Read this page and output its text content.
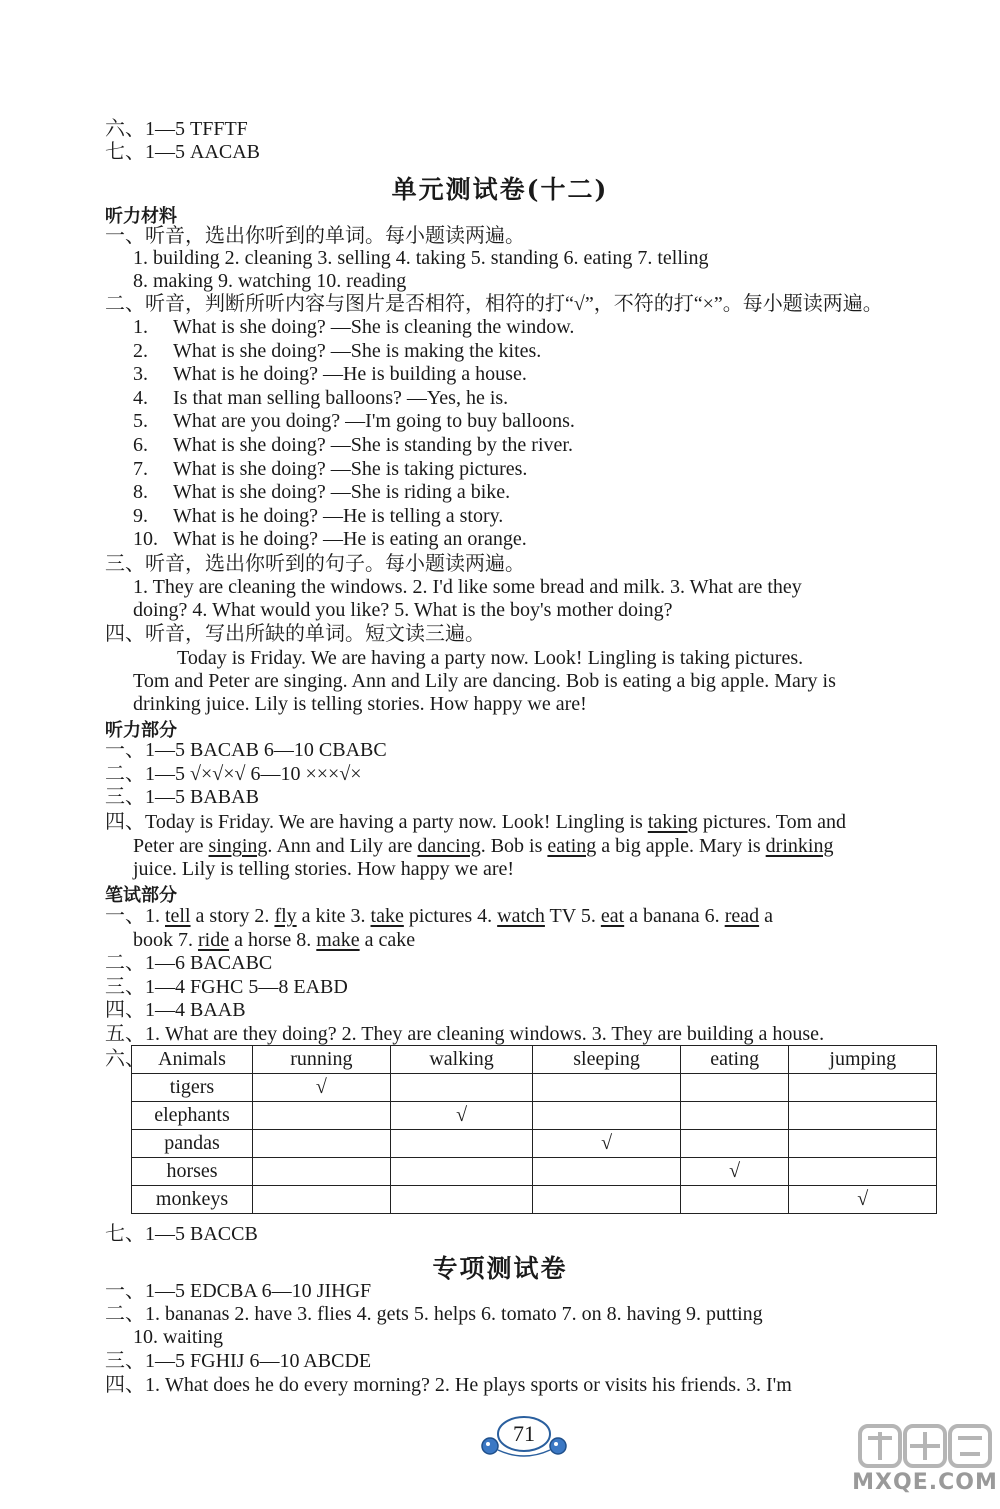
六、1—5 TFFTF
七、1—5 AACAB
单元测试卷(十二)
听力材料
一、听音，选出你听到的单词。每小题读两遍。
1. building 2. cleaning 3. selling 4. taking 5. standing 6. eating 7. telling
8. making 9. watching 10. reading
二、听音，判断所听内容与图片是否相符，相符的打“√”，不符的打“×”。每小题读两遍。
1. What is she doing? —She is cleaning the window.
2. What is she doing? —She is making the kites.
3. What is he doing? —He is building a house.
4. Is that man selling balloons? —Yes, he is.
5. What are you doing? —I'm going to buy balloons.
6. What is she doing? —She is standing by the river.
7. What is she doing? —She is taking pictures.
8. What is she doing? —She is riding a bike.
9. What is he doing? —He is telling a story.
10. What is he doing? —He is eating an orange.
三、听音，选出你听到的句子。每小题读两遍。
1. They are cleaning the windows. 2. I'd like some bread and milk. 3. What are they
doing? 4. What would you like? 5. What is the boy's mother doing?
四、听音，写出所缺的单词。短文读三遍。
Today is Friday. We are having a party now. Look! Lingling is taking pictures.
Tom and Peter are singing. Ann and Lily are dancing. Bob is eating a big apple. Mary is
drinking juice. Lily is telling stories. How happy we are!
听力部分
一、1—5 BACAB 6—10 CBABC
二、1—5 √×√×√ 6—10 ×××√×
三、1—5 BABAB
四、Today is Friday. We are having a party now. Look! Lingling is taking pictures. Tom and
Peter are singing. Ann and Lily are dancing. Bob is eating a big apple. Mary is drinking
juice. Lily is telling stories. How happy we are!
笔试部分
一、1. tell a story 2. fly a kite 3. take pictures 4. watch TV 5. eat a banana 6. read a
book 7. ride a horse 8. make a cake
二、1—6 BACABC
三、1—4 FGHC 5—8 EABD
四、1—4 BAAB
五、1. What are they doing? 2. They are cleaning windows. 3. They are building a house.
六、 Animals	running	walking	sleeping	eating	jumping
tigers	√				
elephants		√			
pandas			√		
horses				√	
monkeys					√
七、1—5 BACCB
专项测试卷
一、1—5 EDCBA 6—10 JIHGF
二、1. bananas 2. have 3. flies 4. gets 5. helps 6. tomato 7. on 8. having 9. putting
10. waiting
三、1—5 FGHIJ 6—10 ABCDE
四、1. What does he do every morning? 2. He plays sports or visits his friends. 3. I'm
71
MXQE.COM
